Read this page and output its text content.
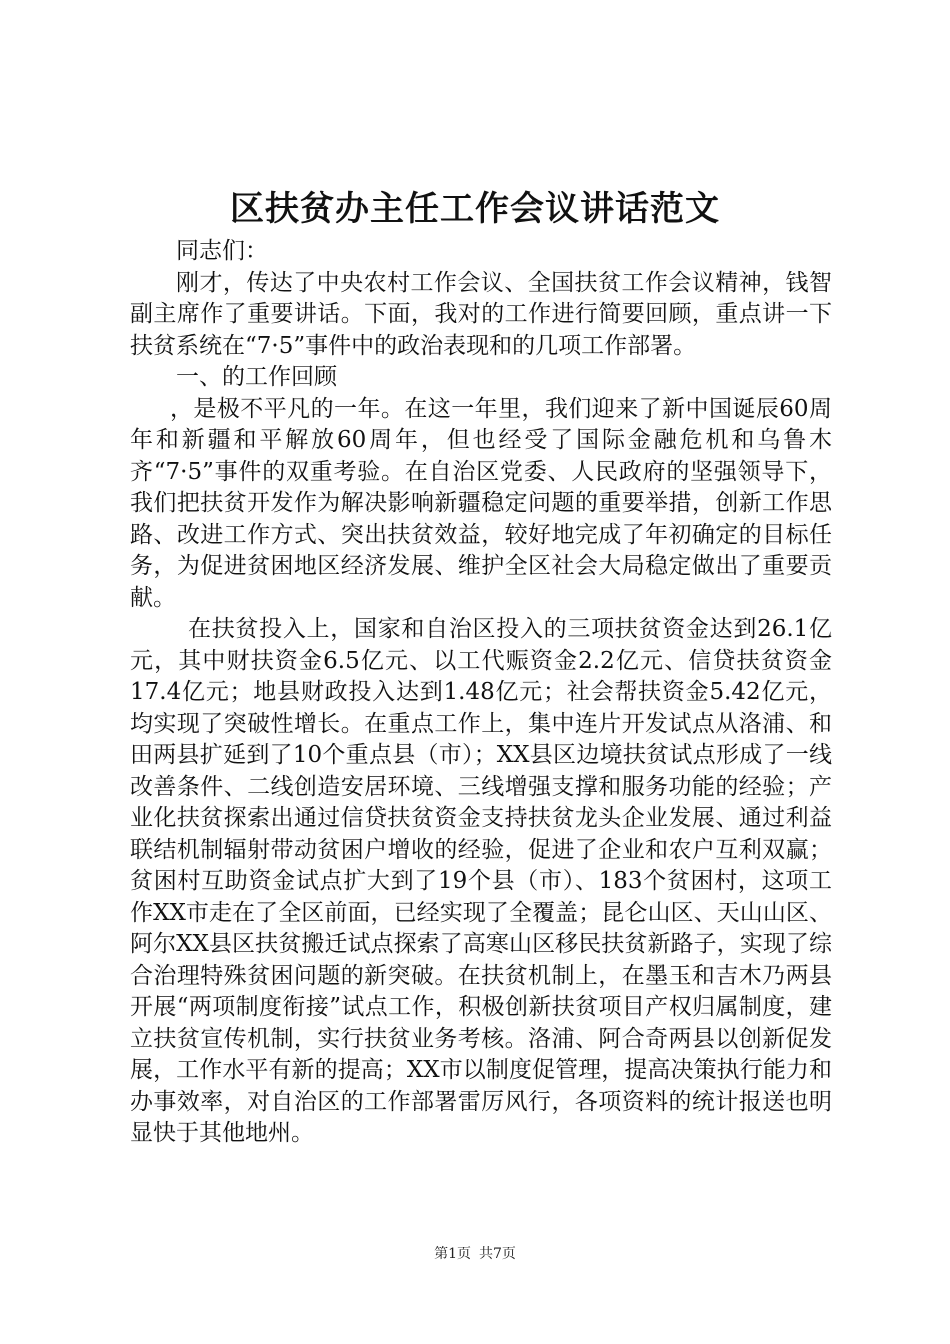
区扶贫办主任工作会议讲话范文

同志们：

刚才，传达了中央农村工作会议、全国扶贫工作会议精神，钱智副主席作了重要讲话。下面，我对的工作进行简要回顾，重点讲一下扶贫系统在“7·5”事件中的政治表现和的几项工作部署。

一、的工作回顾

，是极不平凡的一年。在这一年里，我们迎来了新中国诞辰60周年和新疆和平解放60周年，但也经受了国际金融危机和乌鲁木齐“7·5”事件的双重考验。在自治区党委、人民政府的坚强领导下，我们把扶贫开发作为解决影响新疆稳定问题的重要举措，创新工作思路、改进工作方式、突出扶贫效益，较好地完成了年初确定的目标任务，为促进贫困地区经济发展、维护全区社会大局稳定做出了重要贡献。

在扶贫投入上，国家和自治区投入的三项扶贫资金达到26.1亿元，其中财扶资金6.5亿元、以工代赈资金2.2亿元、信贷扶贫资金17.4亿元；地县财政投入达到1.48亿元；社会帮扶资金5.42亿元，均实现了突破性增长。在重点工作上，集中连片开发试点从洛浦、和田两县扩延到了10个重点县（市）；XX县区边境扶贫试点形成了一线改善条件、二线创造安居环境、三线增强支撑和服务功能的经验；产业化扶贫探索出通过信贷扶贫资金支持扶贫龙头企业发展、通过利益联结机制辐射带动贫困户增收的经验，促进了企业和农户互利双赢；贫困村互助资金试点扩大到了19个县（市）、183个贫困村，这项工作XX市走在了全区前面，已经实现了全覆盖；昆仑山区、天山山区、阿尔XX县区扶贫搬迁试点探索了高寒山区移民扶贫新路子，实现了综合治理特殊贫困问题的新突破。在扶贫机制上，在墨玉和吉木乃两县开展“两项制度衔接”试点工作，积极创新扶贫项目产权归属制度，建立扶贫宣传机制，实行扶贫业务考核。洛浦、阿合奇两县以创新促发展，工作水平有新的提高；XX市以制度促管理，提高决策执行能力和办事效率，对自治区的工作部署雷厉风行，各项资料的统计报送也明显快于其他地州。

第1页 共7页
